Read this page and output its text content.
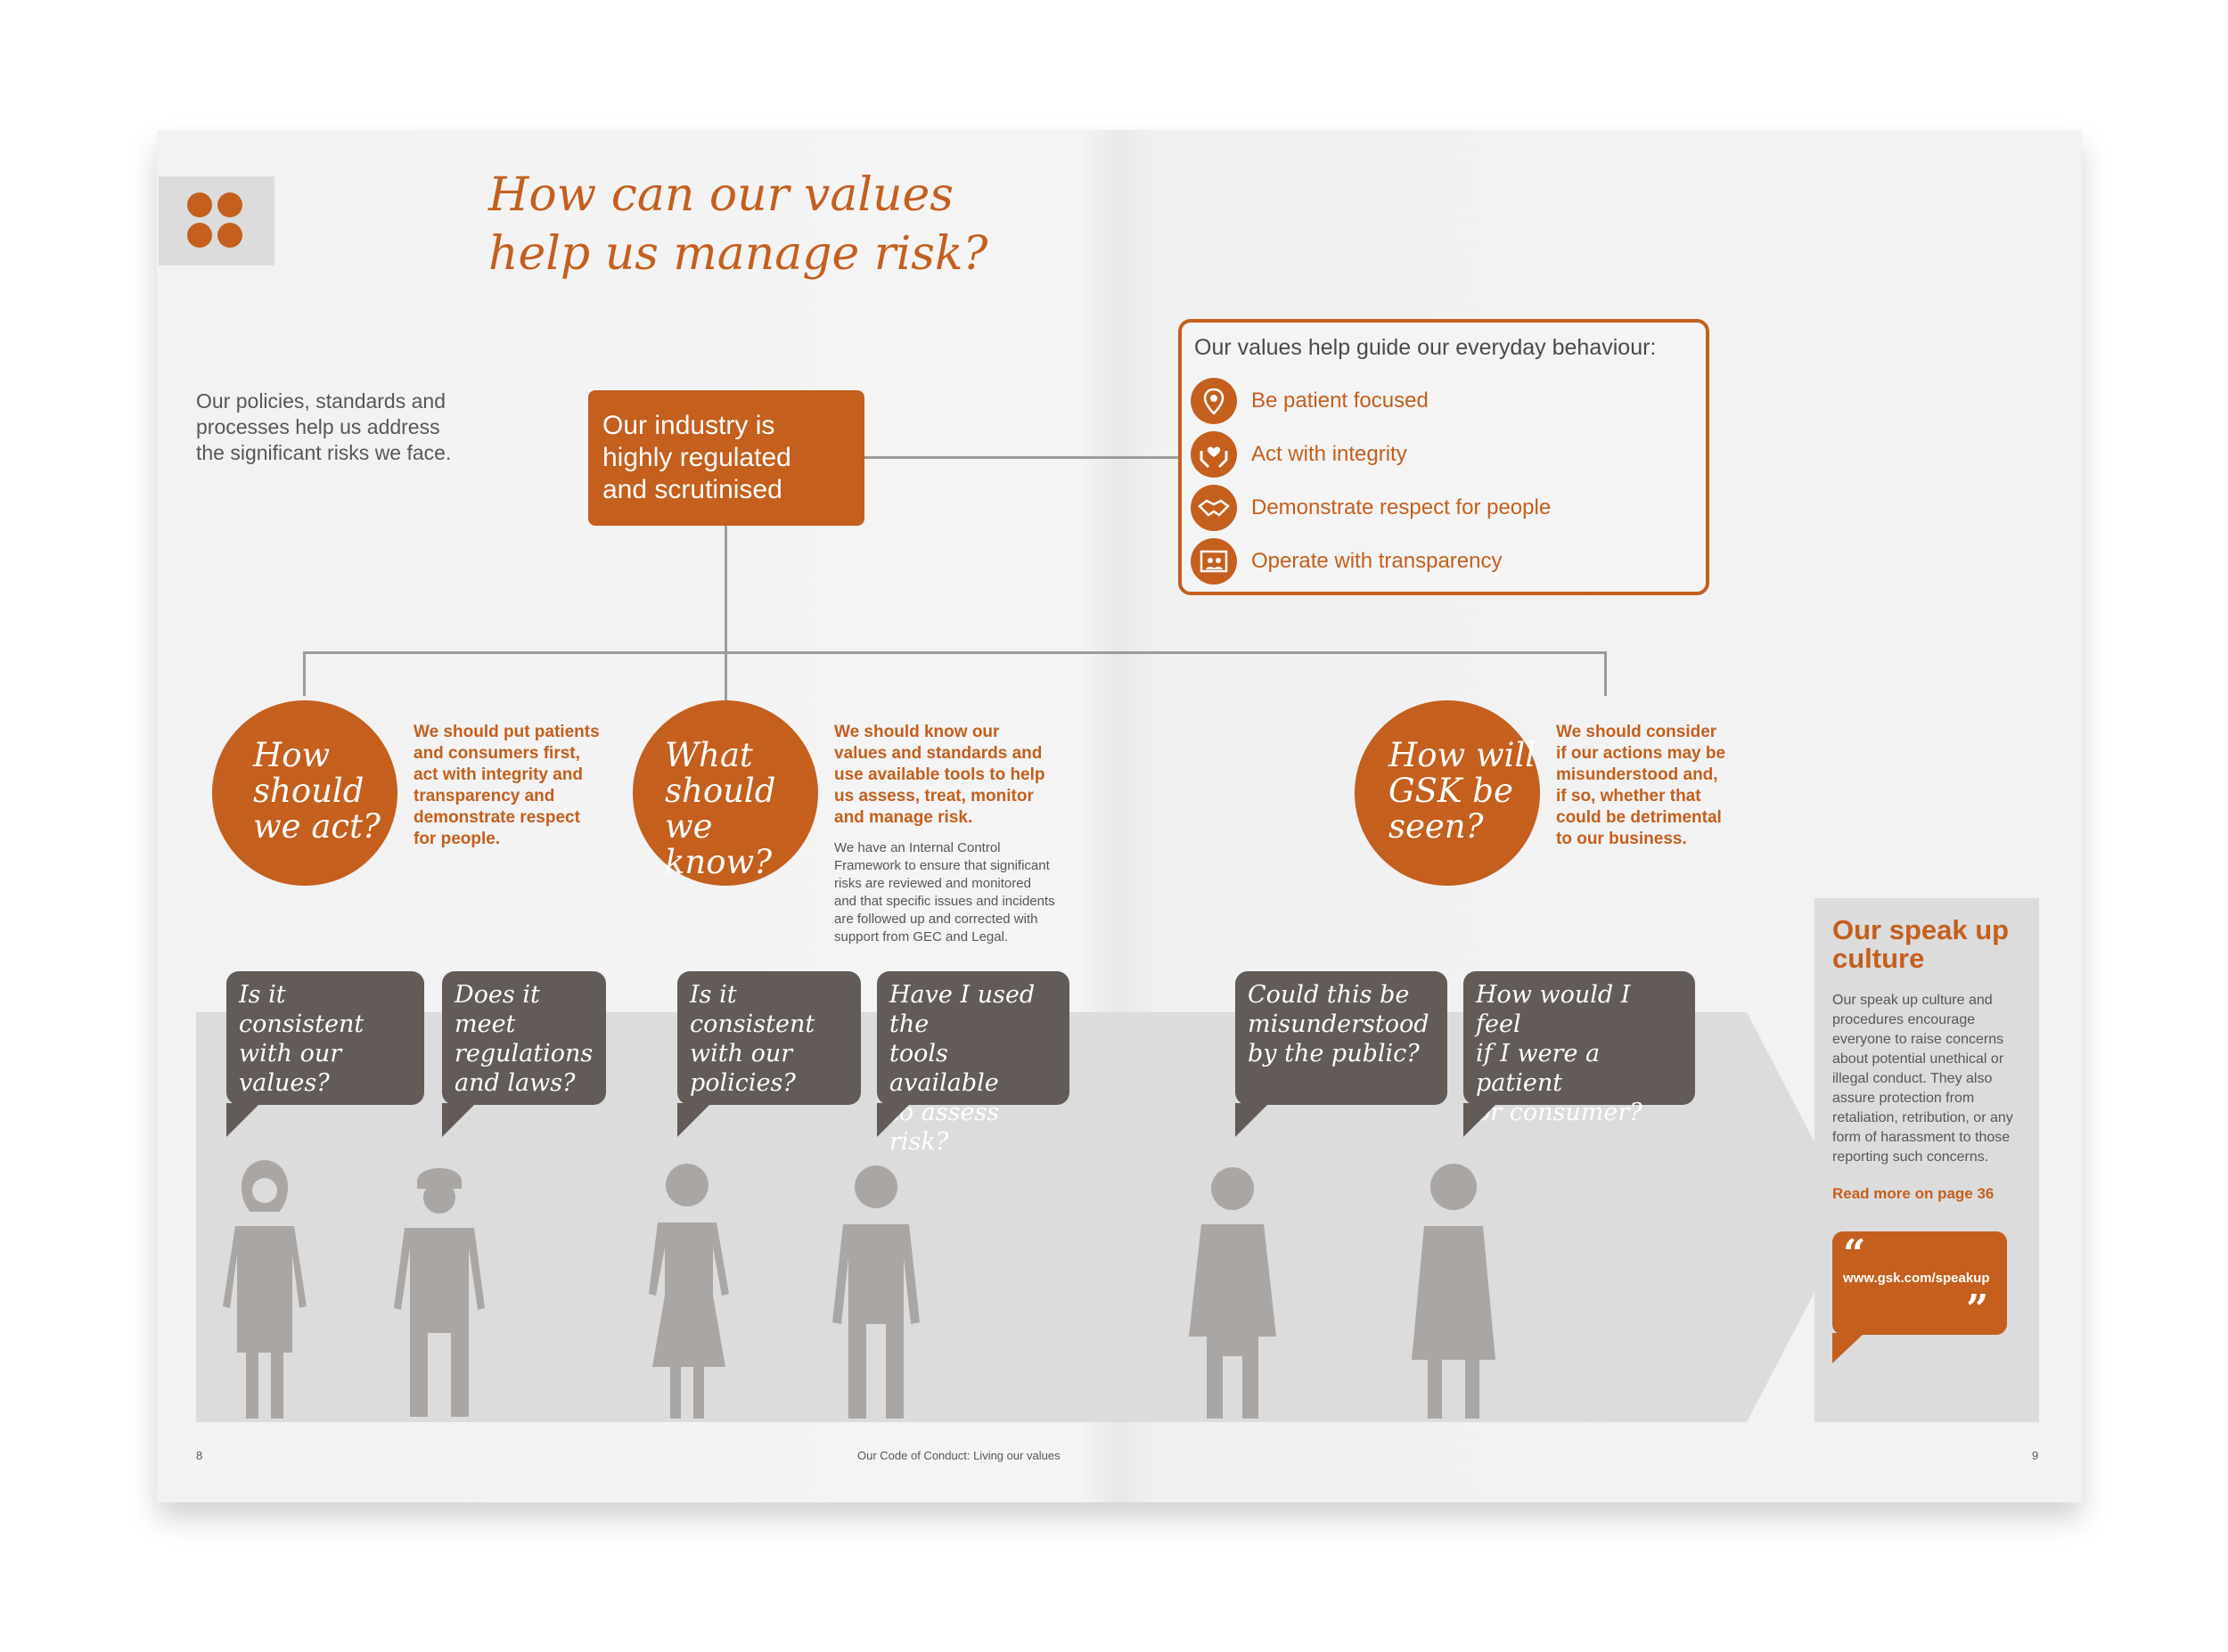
How can our values
help us manage risk?
Our policies, standards and processes help us address the significant risks we face.
Our industry is
highly regulated
and scrutinised
Our values help guide our everyday behaviour:
Be patient focused
Act with integrity
Demonstrate respect for people
Operate with transparency
How
should
we act?
We should put patients
and consumers first,
act with integrity and
transparency and
demonstrate respect
for people.
What
should
we know?
We should know our
values and standards and
use available tools to help
us assess, treat, monitor
and manage risk.
We have an Internal Control
Framework to ensure that significant
risks are reviewed and monitored
and that specific issues and incidents
are followed up and corrected with
support from GEC and Legal.
How will
GSK be
seen?
We should consider
if our actions may be
misunderstood and,
if so, whether that
could be detrimental
to our business.
Is it consistent
with our values?
Does it meet
regulations
and laws?
Is it consistent
with our
policies?
Have I used the
tools available
to assess risk?
Could this be
misunderstood
by the public?
How would I feel
if I were a patient
or consumer?
Our speak up
culture
Our speak up culture and procedures encourage everyone to raise concerns about potential unethical or illegal conduct. They also assure protection from retaliation, retribution, or any form of harassment to those reporting such concerns.
Read more on page 36
“
www.gsk.com/speakup
”
8	Our Code of Conduct: Living our values	9
